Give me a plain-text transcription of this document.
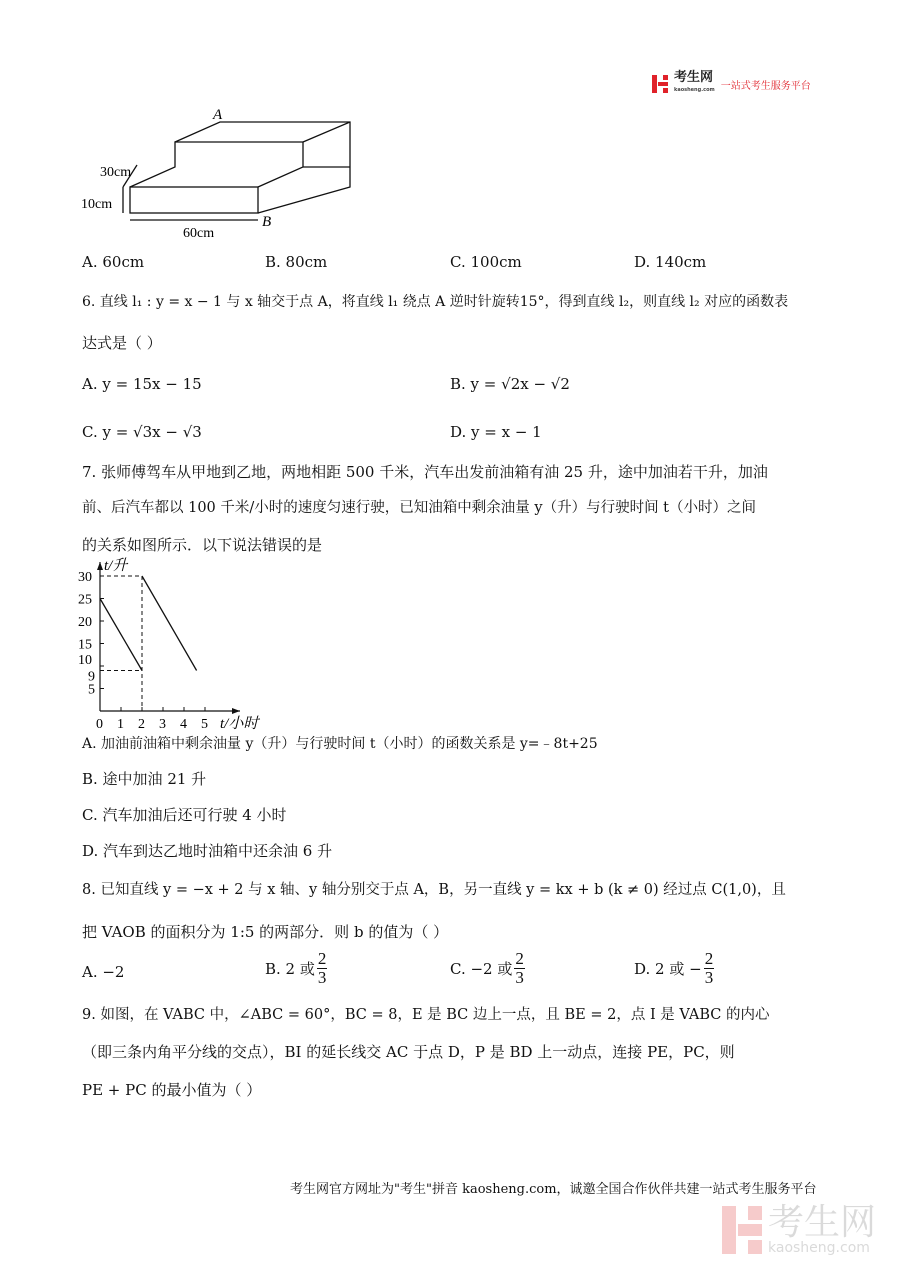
考生网
kaosheng.com 一站式考生服务平台
A
30cm
10cm
60cm
B
A. 60cm	B. 80cm	C. 100cm	D. 140cm
6. 直线 l₁ : y = x − 1 与 x 轴交于点 A，将直线 l₁ 绕点 A 逆时针旋转15°，得到直线 l₂，则直线 l₂ 对应的函数表
达式是（ ）
A. y = 15x − 15	B. y = √2x − √2
C. y = √3x − √3	D. y = x − 1
7. 张师傅驾车从甲地到乙地，两地相距 500 千米，汽车出发前油箱有油 25 升，途中加油若干升，加油
前、后汽车都以 100 千米/小时的速度匀速行驶，已知油箱中剩余油量 y（升）与行驶时间 t（小时）之间
的关系如图所示．以下说法错误的是
t/升
t/小时
0 1 2 3 4 5
5
9
10
15
20
25
30
A. 加油前油箱中剩余油量 y（升）与行驶时间 t（小时）的函数关系是 y=﹣8t+25
B. 途中加油 21 升
C. 汽车加油后还可行驶 4 小时
D. 汽车到达乙地时油箱中还余油 6 升
8. 已知直线 y = −x + 2 与 x 轴、y 轴分别交于点 A，B，另一直线 y = kx + b (k ≠ 0) 经过点 C(1,0)，且
把 VAOB 的面积分为 1:5 的两部分．则 b 的值为（ ）
A. −2	B. 2 或 $\frac{2}{3}$	C. −2 或 $\frac{2}{3}$	D. 2 或 − $\frac{2}{3}$
9. 如图，在 VABC 中，∠ABC = 60°，BC = 8，E 是 BC 边上一点，且 BE = 2，点 I 是 VABC 的内心
（即三条内角平分线的交点），BI 的延长线交 AC 于点 D，P 是 BD 上一动点，连接 PE，PC，则
PE + PC 的最小值为（ ）
考生网官方网址为"考生"拼音 kaosheng.com，诚邀全国合作伙伴共建一站式考生服务平台
考生网
kaosheng.com
